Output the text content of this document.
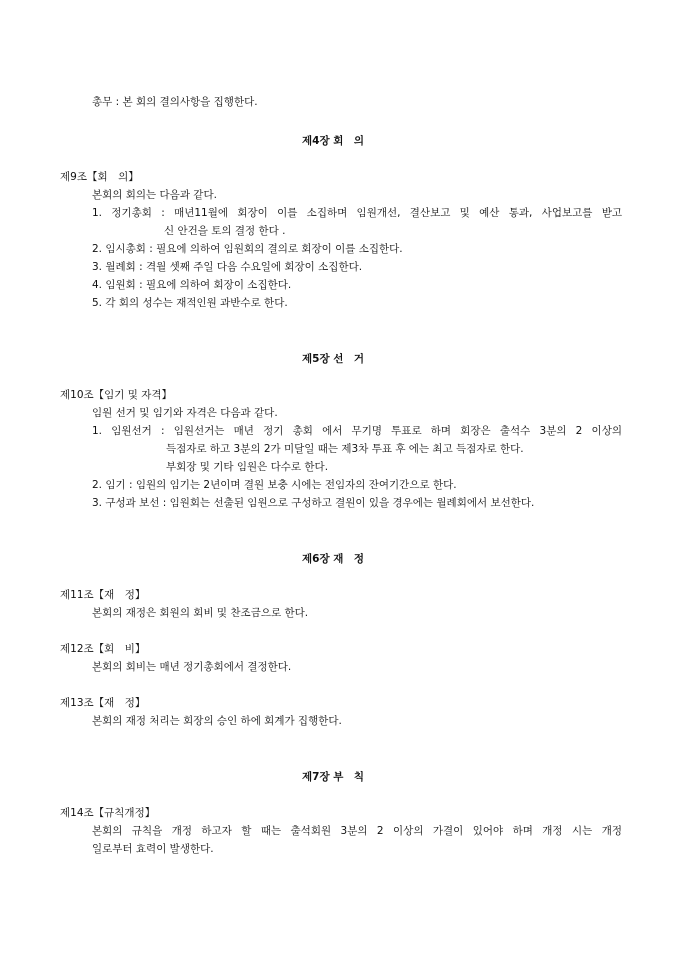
총무 : 본 회의 결의사항을 집행한다.
제4장 회　의
제9조【회　의】
본회의 회의는 다음과 같다.
1. 정기총회 : 매년11월에 회장이 이를 소집하며 임원개선, 결산보고 및 예산 통과, 사업보고를 받고
신 안건을 토의 결정 한다 .
2. 임시총회 : 필요에 의하여 임원회의 결의로 회장이 이를 소집한다.
3. 월례회 : 격월 셋째 주일 다음 수요일에 회장이 소집한다.
4. 임원회 : 필요에 의하여 회장이 소집한다.
5. 각 회의 성수는 재적인원 과반수로 한다.
제5장 선　거
제10조【임기 및 자격】
임원 선거 및 임기와 자격은 다음과 같다.
1. 임원선거 : 임원선거는 매년 정기 총회 에서 무기명 투표로 하며 회장은 출석수 3분의 2 이상의
득점자로 하고 3분의 2가 미달일 때는 제3차 투표 후 에는 최고 득점자로 한다.
부회장 및 기타 임원은 다수로 한다.
2. 임기 : 임원의 임기는 2년이며 결원 보충 시에는 전임자의 잔여기간으로 한다.
3. 구성과 보선 : 임원회는 선출된 임원으로 구성하고 결원이 있을 경우에는 월례회에서 보선한다.
제6장 재　정
제11조【재　정】
본회의 재정은 회원의 회비 및 찬조금으로 한다.
제12조【회　비】
본회의 회비는 매년 정기총회에서 결정한다.
제13조【재　정】
본회의 재정 처리는 회장의 승인 하에 회계가 집행한다.
제7장 부　칙
제14조【규칙개정】
본회의 규칙을 개정 하고자 할 때는 출석회원 3분의 2 이상의 가결이 있어야 하며 개정 시는 개정
일로부터 효력이 발생한다.
